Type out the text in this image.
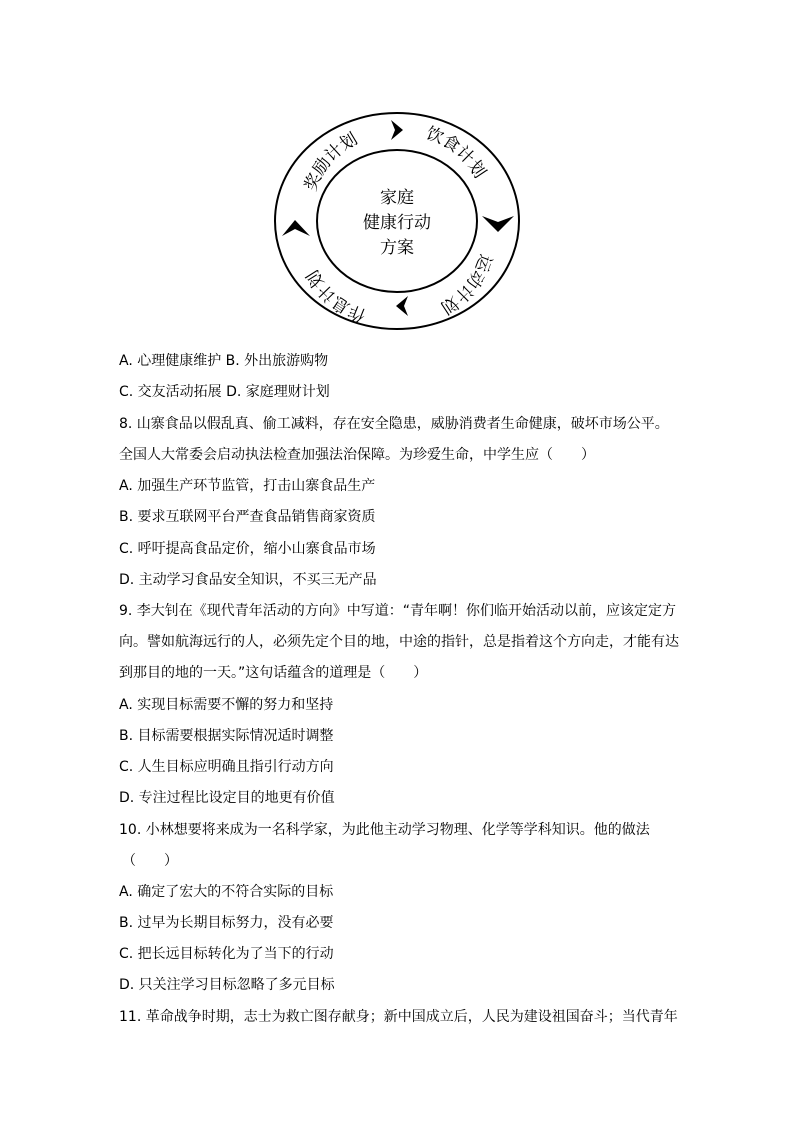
奖励计划	饮食计划
运动计划
作息计划
家庭
健康行动
方案
A. 心理健康维护 B. 外出旅游购物
C. 交友活动拓展 D. 家庭理财计划
8. 山寨食品以假乱真、偷工减料，存在安全隐患，威胁消费者生命健康，破坏市场公平。
全国人大常委会启动执法检查加强法治保障。为珍爱生命，中学生应（　　）
A. 加强生产环节监管，打击山寨食品生产
B. 要求互联网平台严查食品销售商家资质
C. 呼吁提高食品定价，缩小山寨食品市场
D. 主动学习食品安全知识，不买三无产品
9. 李大钊在《现代青年活动的方向》中写道：“青年啊！你们临开始活动以前，应该定定方
向。譬如航海远行的人，必须先定个目的地，中途的指针，总是指着这个方向走，才能有达
到那目的地的一天。”这句话蕴含的道理是（　　）
A. 实现目标需要不懈的努力和坚持
B. 目标需要根据实际情况适时调整
C. 人生目标应明确且指引行动方向
D. 专注过程比设定目的地更有价值
10. 小林想要将来成为一名科学家，为此他主动学习物理、化学等学科知识。他的做法
（　　）
A. 确定了宏大的不符合实际的目标
B. 过早为长期目标努力，没有必要
C. 把长远目标转化为了当下的行动
D. 只关注学习目标忽略了多元目标
11. 革命战争时期，志士为救亡图存献身；新中国成立后，人民为建设祖国奋斗；当代青年
